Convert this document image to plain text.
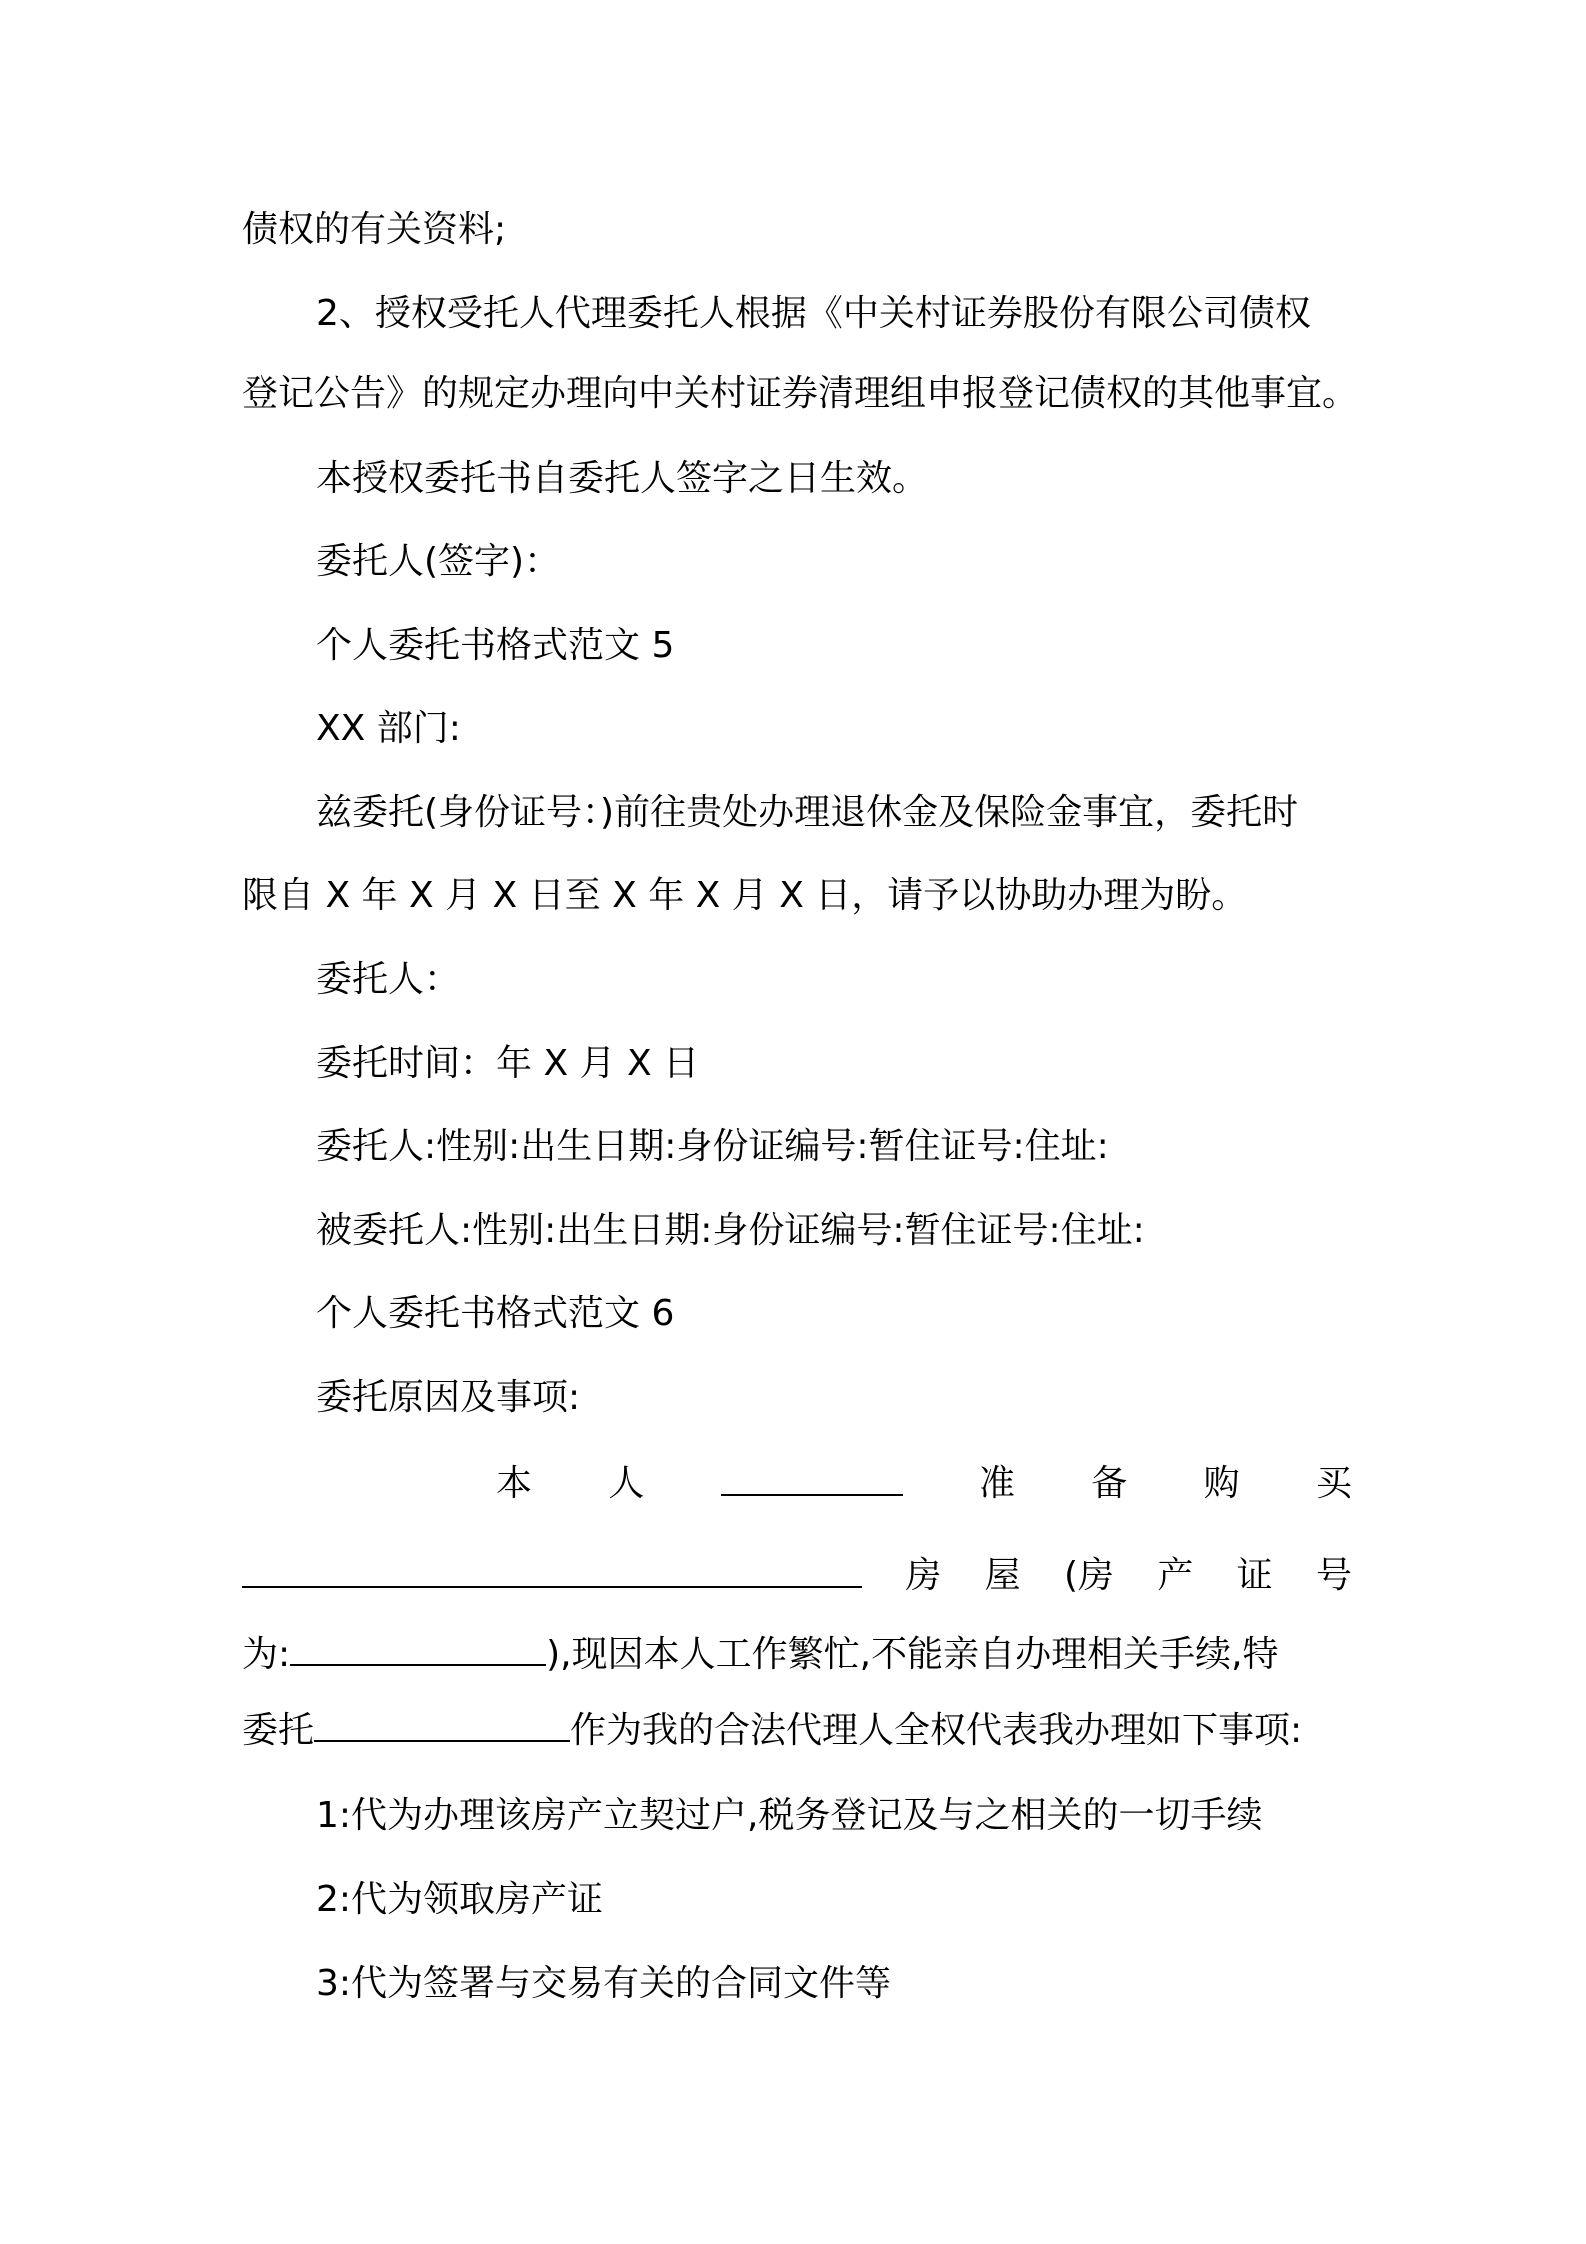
债权的有关资料;
2、授权受托人代理委托人根据《中关村证券股份有限公司债权
登记公告》的规定办理向中关村证券清理组申报登记债权的其他事宜。
本授权委托书自委托人签字之日生效。
委托人(签字)：
个人委托书格式范文 5
XX 部门:
兹委托(身份证号：)前往贵处办理退休金及保险金事宜，委托时
限自 X 年 X 月 X 日至 X 年 X 月 X 日，请予以协助办理为盼。
委托人：
委托时间：年 X 月 X 日
委托人:性别:出生日期:身份证编号:暂住证号:住址:
被委托人:性别:出生日期:身份证编号:暂住证号:住址:
个人委托书格式范文 6
委托原因及事项:
本 人	准 备 购 买
房 屋 (房 产 证 号
为:	),现因本人工作繁忙,不能亲自办理相关手续,特
委托	作为我的合法代理人全权代表我办理如下事项:
1:代为办理该房产立契过户,税务登记及与之相关的一切手续
2:代为领取房产证
3:代为签署与交易有关的合同文件等
